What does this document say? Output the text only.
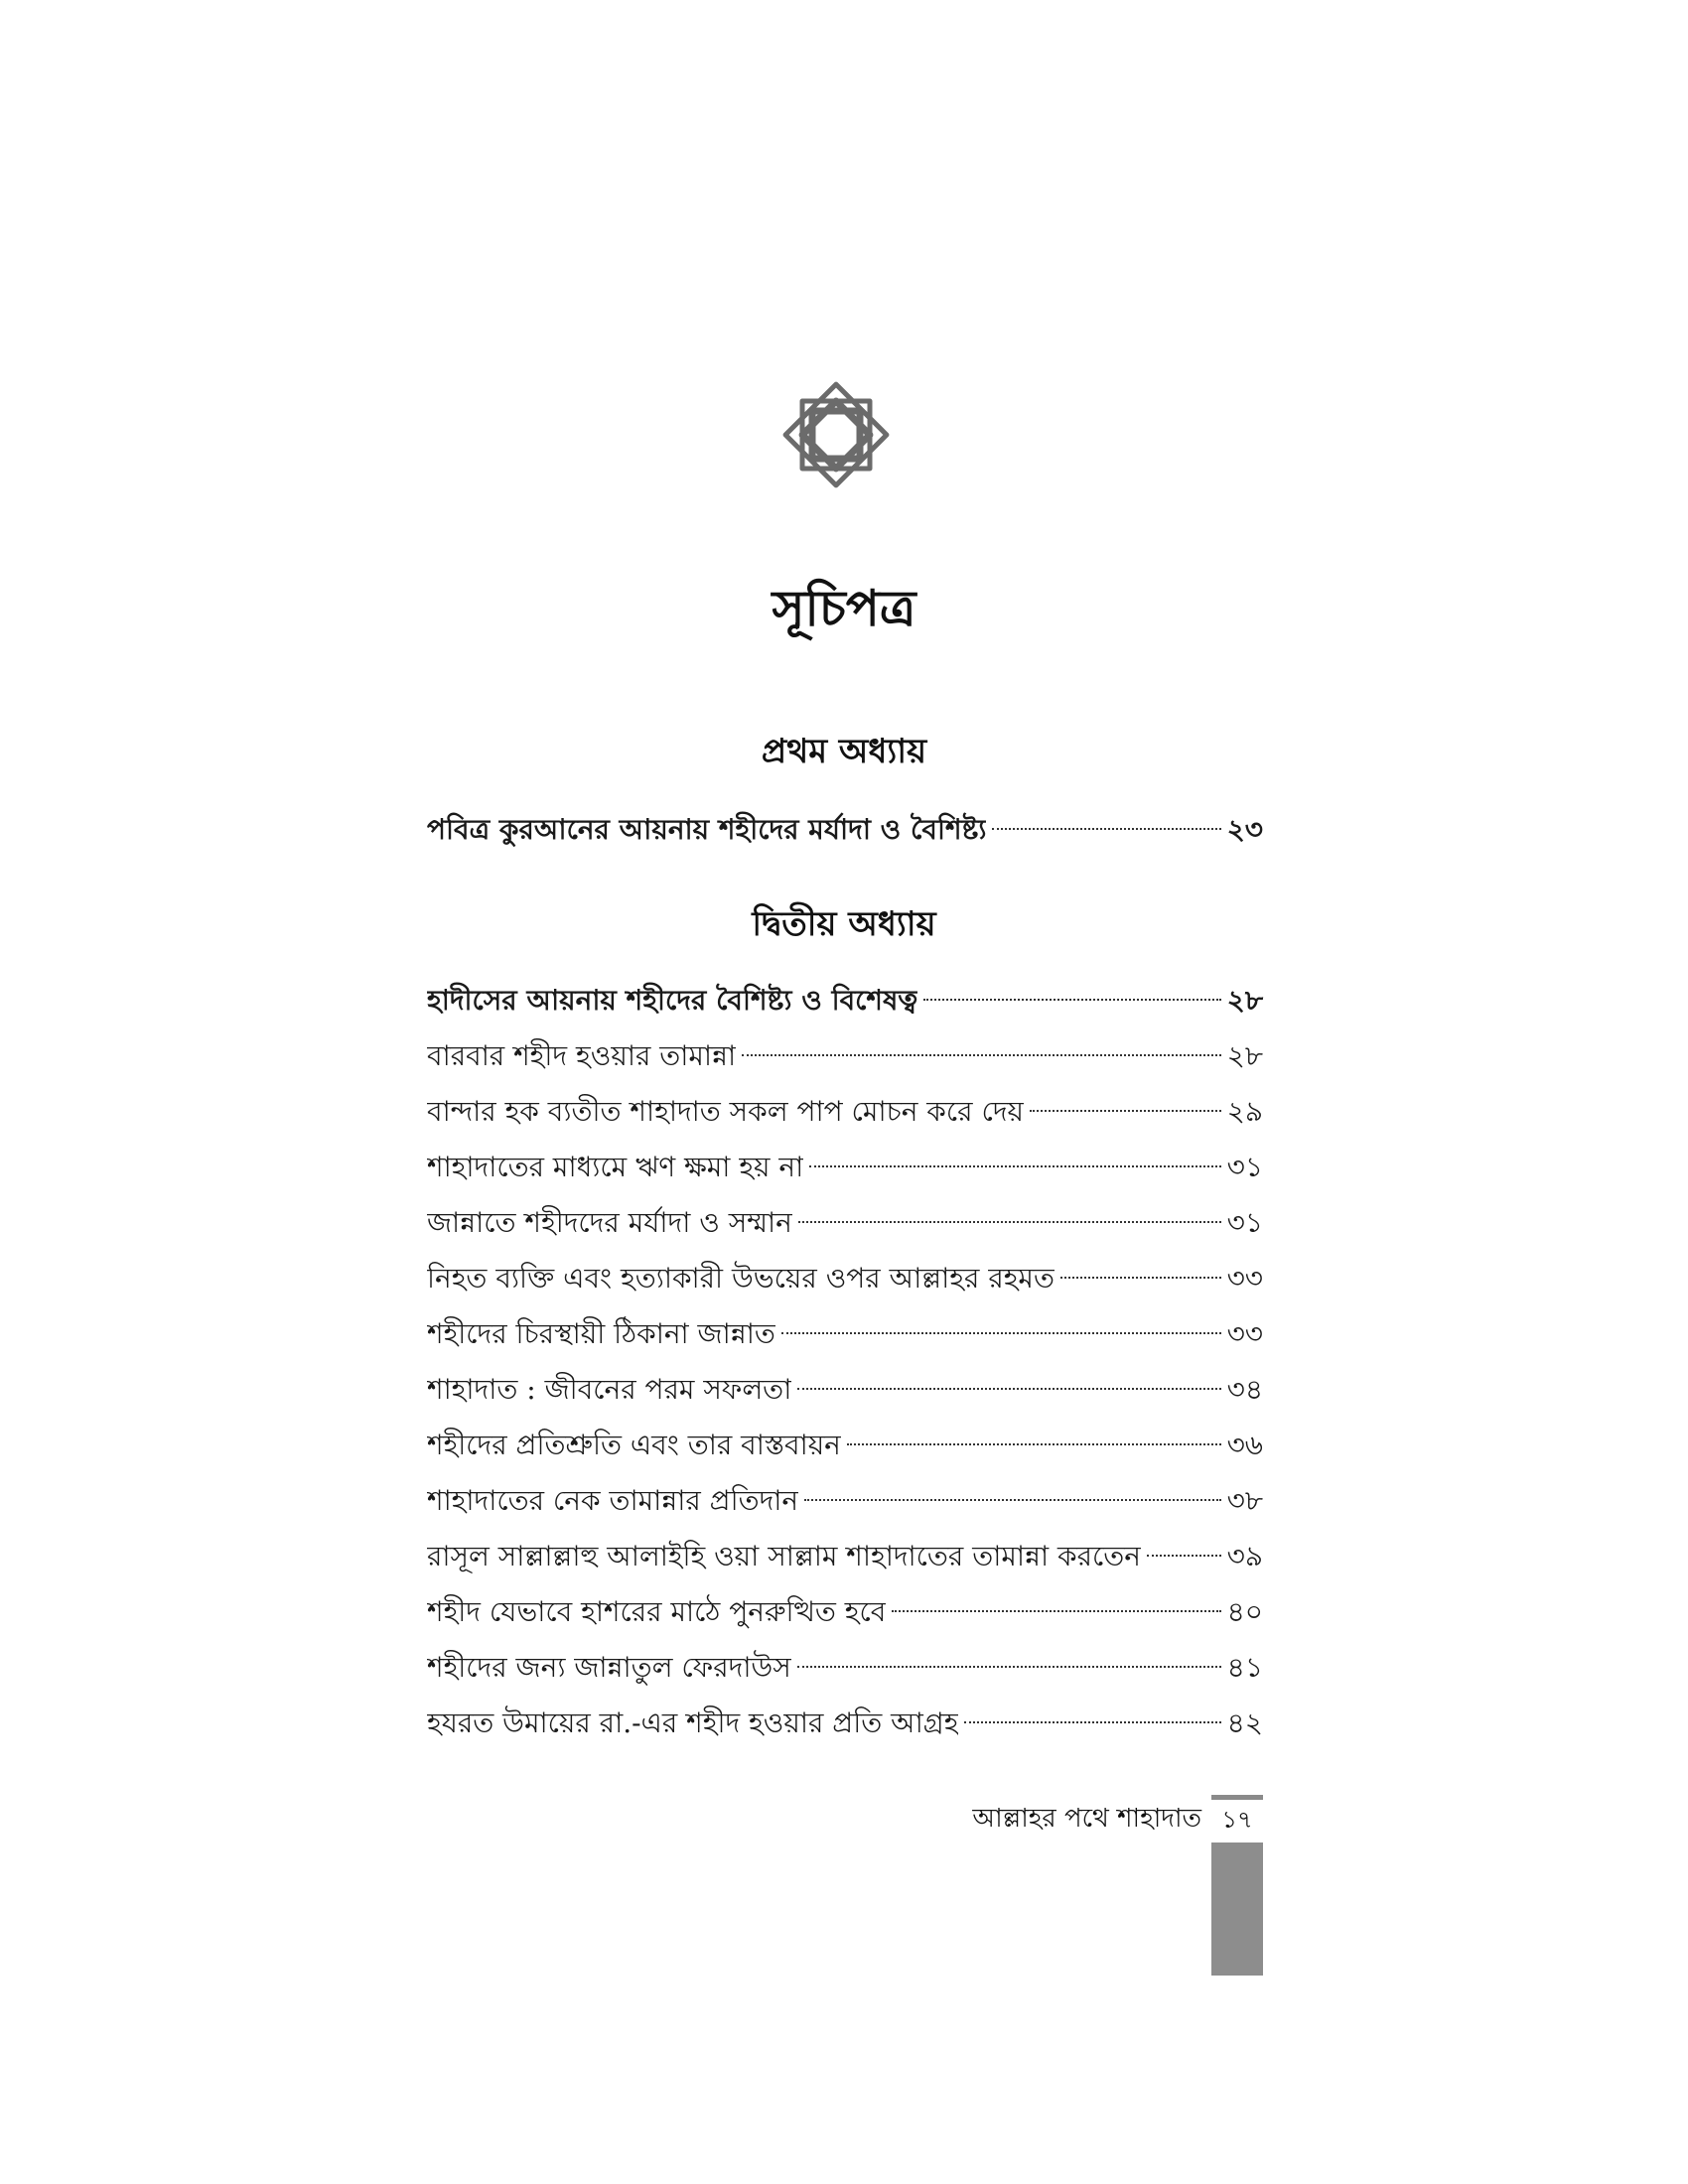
সূচিপত্র
প্রথম অধ্যায়
পবিত্র কুরআনের আয়নায় শহীদের মর্যাদা ও বৈশিষ্ট্য	২৩
দ্বিতীয় অধ্যায়
হাদীসের আয়নায় শহীদের বৈশিষ্ট্য ও বিশেষত্ব	২৮
বারবার শহীদ হওয়ার তামান্না	২৮
বান্দার হক ব্যতীত শাহাদাত সকল পাপ মোচন করে দেয়	২৯
শাহাদাতের মাধ্যমে ঋণ ক্ষমা হয় না	৩১
জান্নাতে শহীদদের মর্যাদা ও সম্মান	৩১
নিহত ব্যক্তি এবং হত্যাকারী উভয়ের ওপর আল্লাহর রহমত	৩৩
শহীদের চিরস্থায়ী ঠিকানা জান্নাত	৩৩
শাহাদাত : জীবনের পরম সফলতা	৩৪
শহীদের প্রতিশ্রুতি এবং তার বাস্তবায়ন	৩৬
শাহাদাতের নেক তামান্নার প্রতিদান	৩৮
রাসূল সাল্লাল্লাহু আলাইহি ওয়া সাল্লাম শাহাদাতের তামান্না করতেন	৩৯
শহীদ যেভাবে হাশরের মাঠে পুনরুত্থিত হবে	৪০
শহীদের জন্য জান্নাতুল ফেরদাউস	৪১
হযরত উমায়ের রা.-এর শহীদ হওয়ার প্রতি আগ্রহ	৪২
আল্লাহর পথে শাহাদাত ১৭
